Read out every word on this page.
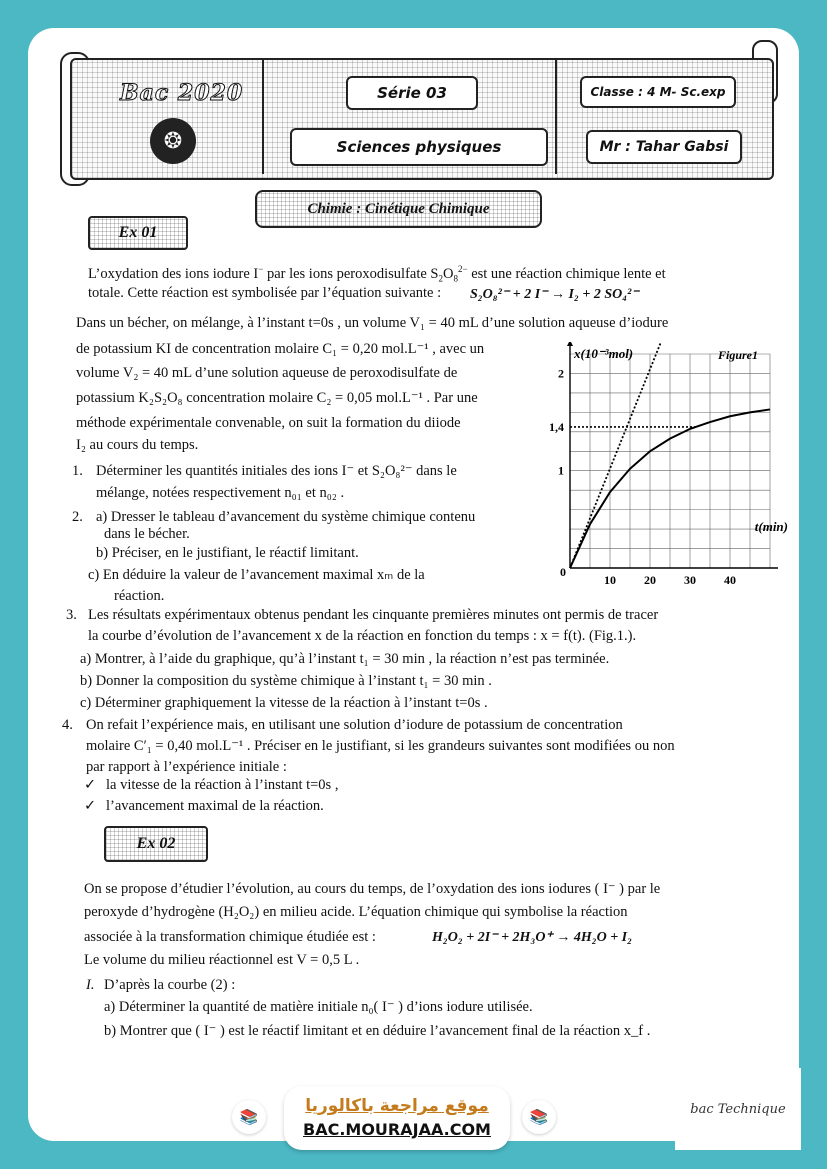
Bac 2020
❂
Série 03	Classe : 4 M- Sc.exp
Sciences physiques	Mr : Tahar Gabsi
Chimie : Cinétique Chimique
Ex 01
L’oxydation des ions iodure I− par les ions peroxodisulfate $S_2O_8^{2-}$ est une réaction chimique lente et
totale. Cette réaction est symbolisée par l’équation suivante : S₂O₈²⁻ + 2 I⁻ → I₂ + 2 SO₄²⁻
Dans un bécher, on mélange, à l’instant t=0s , un volume V₁ = 40 mL d’une solution aqueuse d’iodure
de potassium KI de concentration molaire C₁ = 0,20 mol.L⁻¹ , avec un
volume V₂ = 40 mL d’une solution aqueuse de peroxodisulfate de
potassium K₂S₂O₈ concentration molaire C₂ = 0,05 mol.L⁻¹ . Par une
méthode expérimentale convenable, on suit la formation du diiode
I₂ au cours du temps.
1. Déterminer les quantités initiales des ions I⁻ et S₂O₈²⁻ dans le
mélange, notées respectivement n₀₁ et n₀₂ .
2. a) Dresser le tableau d’avancement du système chimique contenu
dans le bécher.
b) Préciser, en le justifiant, le réactif limitant.
c) En déduire la valeur de l’avancement maximal xₘ de la
réaction.
10 20 30 40
1
1,4
2
0
x(10⁻³mol)
t(min)
Figure1
3. Les résultats expérimentaux obtenus pendant les cinquante premières minutes ont permis de tracer
la courbe d’évolution de l’avancement x de la réaction en fonction du temps : x = f(t). (Fig.1.).
a) Montrer, à l’aide du graphique, qu’à l’instant t₁ = 30 min , la réaction n’est pas terminée.
b) Donner la composition du système chimique à l’instant t₁ = 30 min .
c) Déterminer graphiquement la vitesse de la réaction à l’instant t=0s .
4. On refait l’expérience mais, en utilisant une solution d’iodure de potassium de concentration
molaire C′₁ = 0,40 mol.L⁻¹ . Préciser en le justifiant, si les grandeurs suivantes sont modifiées ou non
par rapport à l’expérience initiale :
✓ la vitesse de la réaction à l’instant t=0s ,
✓ l’avancement maximal de la réaction.
Ex 02
On se propose d’étudier l’évolution, au cours du temps, de l’oxydation des ions iodures ( I⁻ ) par le
peroxyde d’hydrogène (H₂O₂) en milieu acide. L’équation chimique qui symbolise la réaction
associée à la transformation chimique étudiée est :	H₂O₂ + 2I⁻ + 2H₃O⁺ → 4H₂O + I₂
Le volume du milieu réactionnel est V = 0,5 L .
I. D’après la courbe (2) :
a) Déterminer la quantité de matière initiale n₀( I⁻ ) d’ions iodure utilisée.
b) Montrer que ( I⁻ ) est le réactif limitant et en déduire l’avancement final de la réaction x_f .
📚	📚
موقع مراجعة باكالوريا
BAC.MOURAJAA.COM
bac Technique
